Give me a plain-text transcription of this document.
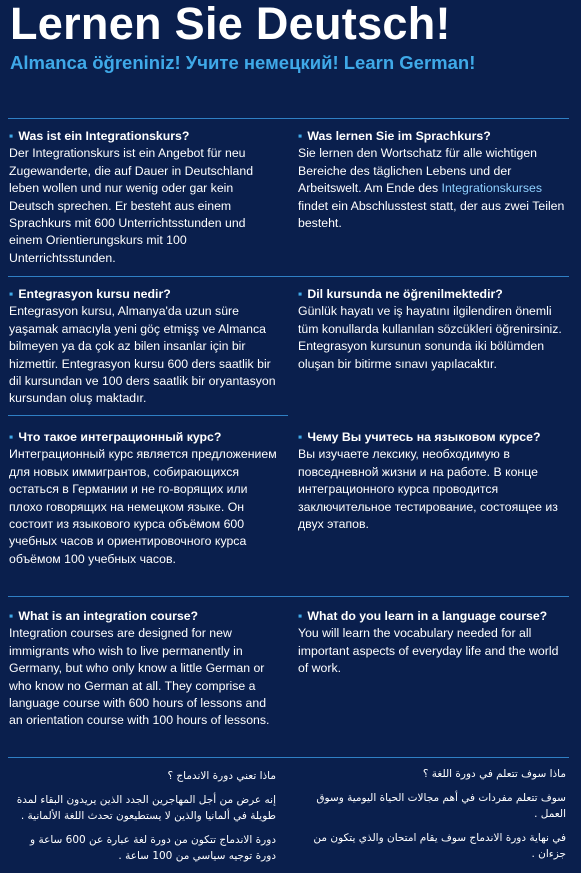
Lernen Sie Deutsch!
Almanca öğreniniz! Учите немецкий! Learn German!
▪ Was ist ein Integrationskurs?
Der Integrationskurs ist ein Angebot für neu Zugewanderte, die auf Dauer in Deutschland leben wollen und nur wenig oder gar kein Deutsch sprechen. Er besteht aus einem Sprachkurs mit 600 Unterrichtsstunden und einem Orientierungskurs mit 100 Unterrichtsstunden.
▪ Was lernen Sie im Sprachkurs?
Sie lernen den Wortschatz für alle wichtigen Bereiche des täglichen Lebens und der Arbeitswelt. Am Ende des Integrationskurses findet ein Abschlusstest statt, der aus zwei Teilen besteht.
▪ Entegrasyon kursu nedir?
Entegrasyon kursu, Almanya'da uzun süre yaşamak amacıyla yeni göç etmişş ve Almanca bilmeyen ya da çok az bilen insanlar için bir hizmettir. Entegrasyon kursu 600 ders saatlik bir dil kursundan ve 100 ders saatlik bir oryantasyon kursundan oluş maktadır.
▪ Dil kursunda ne öğrenilmektedir?
Günlük hayatı ve iş hayatını ilgilendiren önemli tüm konullarda kullanılan sözcükleri öğrenirsiniz. Entegrasyon kursunun sonunda iki bölümden oluşan bir bitirme sınavı yapılacaktır.
▪ Что такое интеграционный курс?
Интеграционный курс является предложением для новых иммигрантов, собирающихся остаться в Германии и не го-ворящих или плохо говорящих на немецком языке. Он состоит из языкового курса объёмом 600 учебных часов и ориентировочного курса объёмом 100 учебных часов.
▪ Чему Вы учитесь на языковом курсе?
Вы изучаете лексику, необходимую в повседневной жизни и на работе. В конце интеграционного курса проводится заключительное тестирование, состоящее из двух этапов.
▪ What is an integration course?
Integration courses are designed for new immigrants who wish to live permanently in Germany, but who only know a little German or who know no German at all. They comprise a language course with 600 hours of lessons and an orientation course with 100 hours of lessons.
▪ What do you learn in a language course?
You will learn the vocabulary needed for all important aspects of everyday life and the world of work.

ماذا تعني دورة الاندماج ؟

إنه عرض من أجل المهاجرين الجدد الذين يريدون البقاء لمدة طويلة في ألمانيا والذين لا يستطيعون تحدث اللغة الألمانية .

دورة الاندماج تتكون من دورة لغة عبارة عن 600 ساعة و دورة توجيه سياسي من 100 ساعة .

ماذا سوف تتعلم في دورة اللغة ؟

سوف تتعلم مفردات في أهم مجالات الحياة اليومية وسوق العمل .

في نهاية دورة الاندماج سوف يقام امتحان والذي يتكون من جزءان .
